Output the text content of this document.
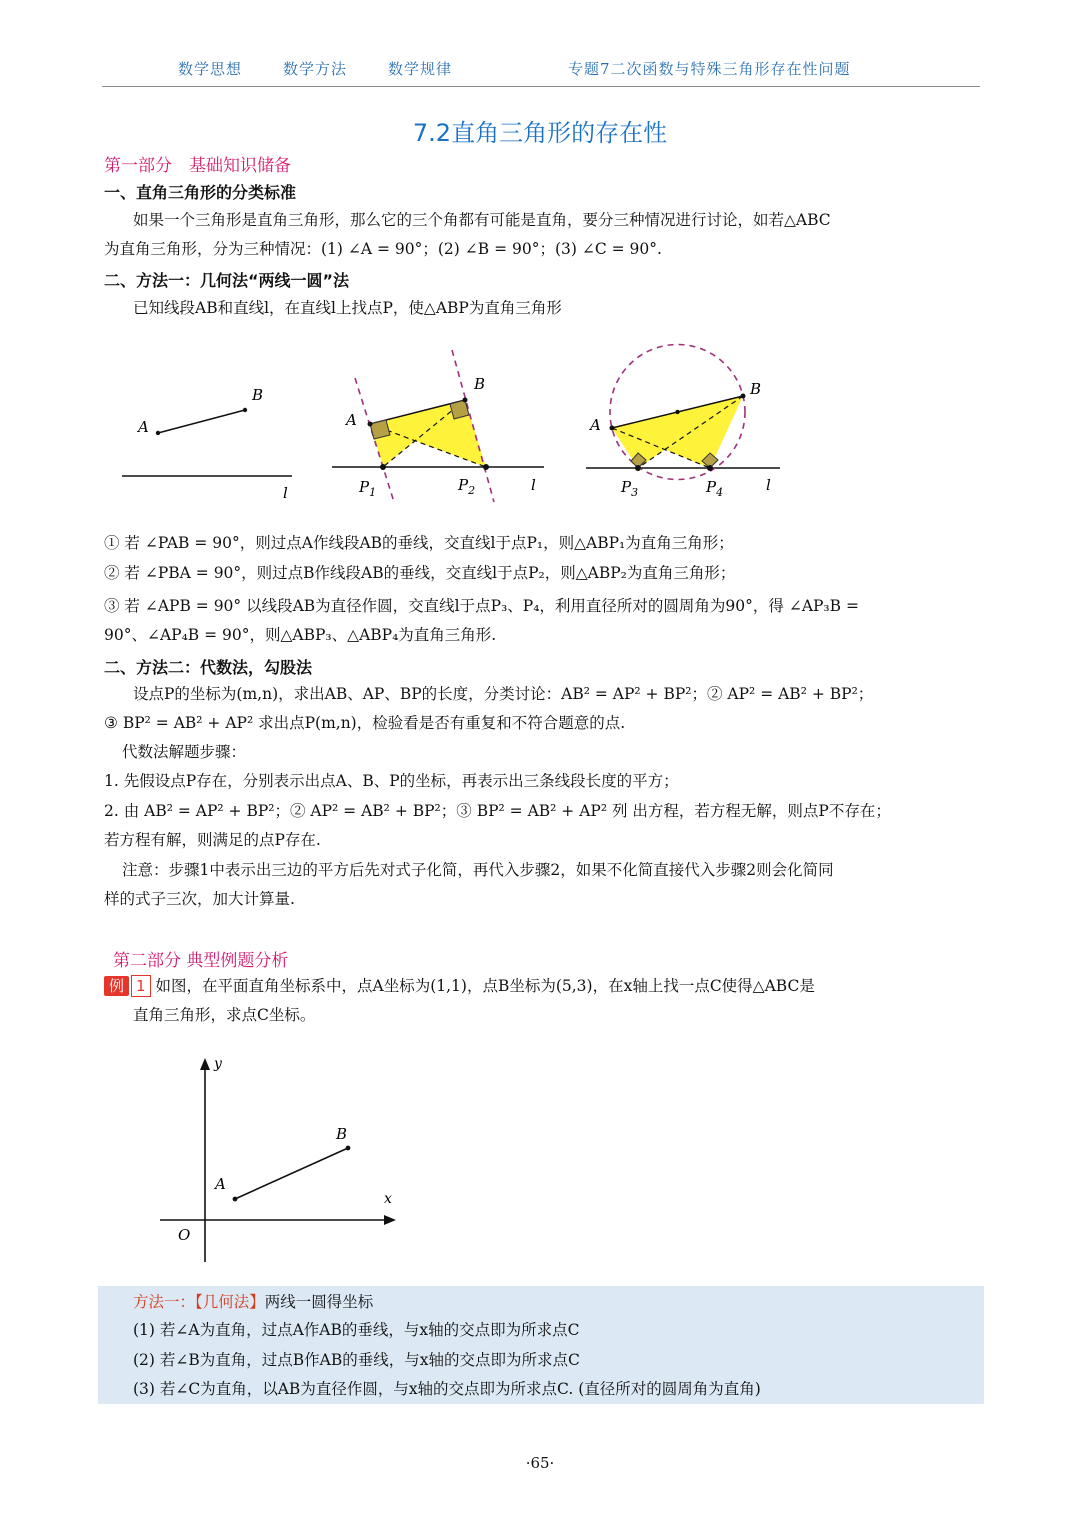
数学思想	数学方法	数学规律	专题7二次函数与特殊三角形存在性问题
7.2直角三角形的存在性
第一部分　基础知识储备
一、直角三角形的分类标准
如果一个三角形是直角三角形，那么它的三个角都有可能是直角，要分三种情况进行讨论，如若△ABC
为直角三角形，分为三种情况：(1) ∠A = 90°；(2) ∠B = 90°；(3) ∠C = 90°.
二、方法一：几何法“两线一圆”法
已知线段AB和直线l，在直线l上找点P，使△ABP为直角三角形
A
B
l
A
B
$P_1$	$P_2$	l
A
B
$P_3$	$P_4$	l
① 若 ∠PAB = 90°，则过点A作线段AB的垂线，交直线l于点P₁，则△ABP₁为直角三角形；
② 若 ∠PBA = 90°，则过点B作线段AB的垂线，交直线l于点P₂，则△ABP₂为直角三角形；
③ 若 ∠APB = 90° 以线段AB为直径作圆，交直线l于点P₃、P₄，利用直径所对的圆周角为90°，得 ∠AP₃B =
90°、∠AP₄B = 90°，则△ABP₃、△ABP₄为直角三角形.
二、方法二：代数法，勾股法
设点P的坐标为(m,n)，求出AB、AP、BP的长度，分类讨论：AB² = AP² + BP²；② AP² = AB² + BP²；
③ BP² = AB² + AP² 求出点P(m,n)，检验看是否有重复和不符合题意的点.
代数法解题步骤：
1. 先假设点P存在，分别表示出点A、B、P的坐标，再表示出三条线段长度的平方；
2. 由 AB² = AP² + BP²；② AP² = AB² + BP²；③ BP² = AB² + AP² 列 出方程，若方程无解，则点P不存在；
若方程有解，则满足的点P存在.
注意：步骤1中表示出三边的平方后先对式子化简，再代入步骤2，如果不化简直接代入步骤2则会化简同
样的式子三次，加大计算量.
第二部分 典型例题分析
例 1 如图，在平面直角坐标系中，点A坐标为(1,1)，点B坐标为(5,3)，在x轴上找一点C使得△ABC是
直角三角形，求点C坐标。
y
x
O
A
B
方法一：【几何法】两线一圆得坐标
(1) 若∠A为直角，过点A作AB的垂线，与x轴的交点即为所求点C
(2) 若∠B为直角，过点B作AB的垂线，与x轴的交点即为所求点C
(3) 若∠C为直角，以AB为直径作圆，与x轴的交点即为所求点C. (直径所对的圆周角为直角)
·65·
